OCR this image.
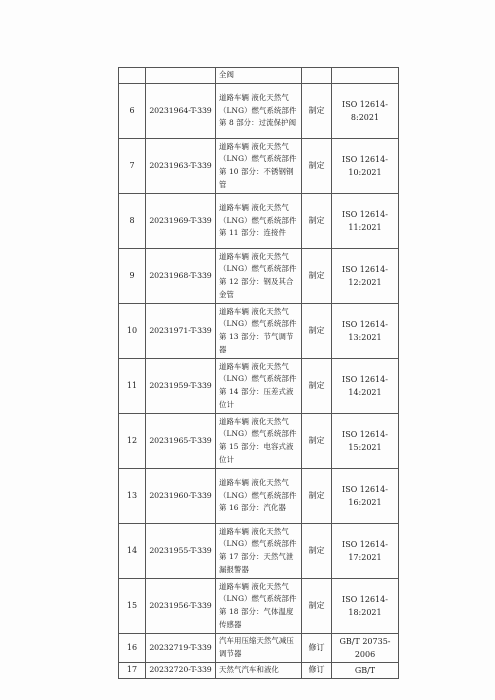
		全阀		
6	20231964-T-339	道路车辆 液化天然气（LNG）燃气系统部件 第 8 部分：过流保护阀	制定	ISO 12614-8:2021
7	20231963-T-339	道路车辆 液化天然气（LNG）燃气系统部件 第 10 部分：不锈钢钢管	制定	ISO 12614-10:2021
8	20231969-T-339	道路车辆 液化天然气（LNG）燃气系统部件 第 11 部分：连接件	制定	ISO 12614-11:2021
9	20231968-T-339	道路车辆 液化天然气（LNG）燃气系统部件 第 12 部分：钢及其合金管	制定	ISO 12614-12:2021
10	20231971-T-339	道路车辆 液化天然气（LNG）燃气系统部件 第 13 部分：节气调节器	制定	ISO 12614-13:2021
11	20231959-T-339	道路车辆 液化天然气（LNG）燃气系统部件 第 14 部分：压差式液位计	制定	ISO 12614-14:2021
12	20231965-T-339	道路车辆 液化天然气（LNG）燃气系统部件 第 15 部分：电容式液位计	制定	ISO 12614-15:2021
13	20231960-T-339	道路车辆 液化天然气（LNG）燃气系统部件 第 16 部分：汽化器	制定	ISO 12614-16:2021
14	20231955-T-339	道路车辆 液化天然气（LNG）燃气系统部件 第 17 部分：天然气泄漏报警器	制定	ISO 12614-17:2021
15	20231956-T-339	道路车辆 液化天然气（LNG）燃气系统部件 第 18 部分：气体温度传感器	制定	ISO 12614-18:2021
16	20232719-T-339	汽车用压缩天然气减压调节器	修订	GB/T 20735-2006
17	20232720-T-339	天然气汽车和液化	修订	GB/T
